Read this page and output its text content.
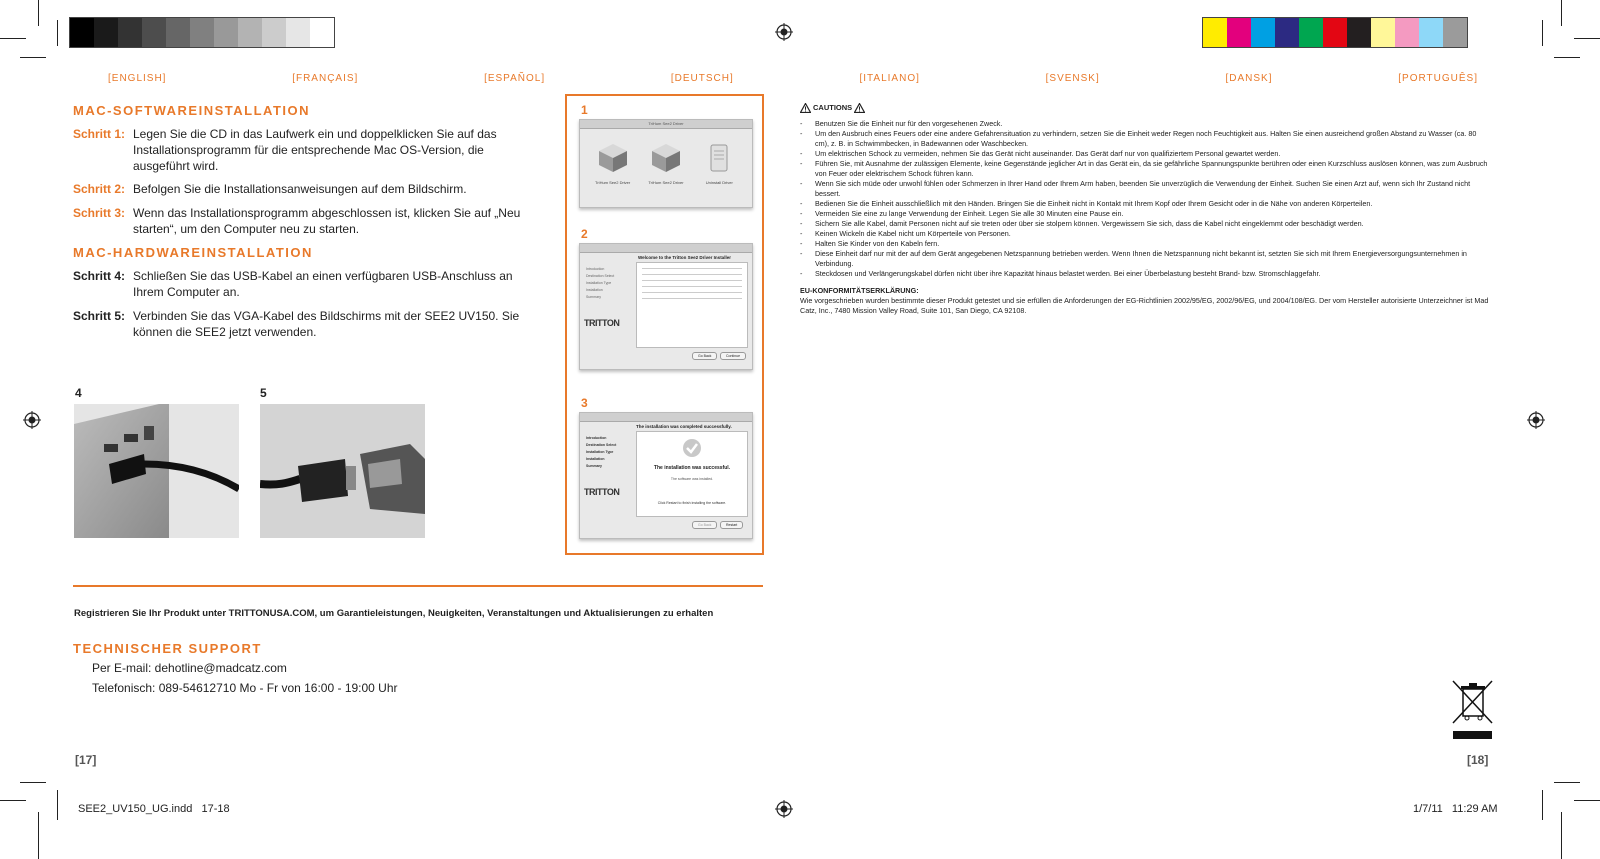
[ENGLISH]	[FRANÇAIS]	[ESPAÑOL]	[DEUTSCH]	[ITALIANO]	[SVENSK]	[DANSK]	[PORTUGUÊS]
MAC-SOFTWAREINSTALLATION
Schritt 1: Legen Sie die CD in das Laufwerk ein und doppelklicken Sie auf das Installationsprogramm für die entsprechende Mac OS-Version, die ausgeführt wird.
Schritt 2: Befolgen Sie die Installationsanweisungen auf dem Bildschirm.
Schritt 3: Wenn das Installationsprogramm abgeschlossen ist, klicken Sie auf „Neu starten“, um den Computer neu zu starten.
MAC-HARDWAREINSTALLATION
Schritt 4: Schließen Sie das USB-Kabel an einen verfügbaren USB-Anschluss an Ihrem Computer an.
Schritt 5: Verbinden Sie das VGA-Kabel des Bildschirms mit der SEE2 UV150. Sie können die SEE2 jetzt verwenden.
4	5
1
2
3
TriHum See2 Driver
TriHum See2 Driver	TriHum See2 Driver	Uninstall Driver
Welcome to the Tritton See2 Driver Installer
Introduction
Destination Select
Installation Type
Installation
Summary
TRITTON
Go Back	Continue
The installation was completed successfully.
Introduction
Destination Select
Installation Type
Installation
Summary	The installation was successful.
The software was installed.
Click Restart to finish installing the software.
TRITTON
Go Back	Restart
Registrieren Sie Ihr Produkt unter TRITTONUSA.COM, um Garantieleistungen, Neuigkeiten, Veranstaltungen und Aktualisierungen zu erhalten
TECHNISCHER SUPPORT
Per E-mail: dehotline@madcatz.com
Telefonisch: 089-54612710 Mo - Fr von 16:00 - 19:00 Uhr
[17]	[18]
CAUTIONS
- Benutzen Sie die Einheit nur für den vorgesehenen Zweck.
- Um den Ausbruch eines Feuers oder eine andere Gefahrensituation zu verhindern, setzen Sie die Einheit weder Regen noch Feuchtigkeit aus. Halten Sie einen ausreichend großen Abstand zu Wasser (ca. 80 cm), z. B. in Schwimmbecken, in Badewannen oder Waschbecken.
- Um elektrischen Schock zu vermeiden, nehmen Sie das Gerät nicht auseinander. Das Gerät darf nur von qualifiziertem Personal gewartet werden.
- Führen Sie, mit Ausnahme der zulässigen Elemente, keine Gegenstände jeglicher Art in das Gerät ein, da sie gefährliche Spannungspunkte berühren oder einen Kurzschluss auslösen können, was zum Ausbruch von Feuer oder elektrischem Schock führen kann.
- Wenn Sie sich müde oder unwohl fühlen oder Schmerzen in Ihrer Hand oder Ihrem Arm haben, beenden Sie unverzüglich die Verwendung der Einheit. Suchen Sie einen Arzt auf, wenn sich Ihr Zustand nicht bessert.
- Bedienen Sie die Einheit ausschließlich mit den Händen. Bringen Sie die Einheit nicht in Kontakt mit Ihrem Kopf oder Ihrem Gesicht oder in die Nähe von anderen Körperteilen.
- Vermeiden Sie eine zu lange Verwendung der Einheit. Legen Sie alle 30 Minuten eine Pause ein.
- Sichern Sie alle Kabel, damit Personen nicht auf sie treten oder über sie stolpern können. Vergewissern Sie sich, dass die Kabel nicht eingeklemmt oder beschädigt werden.
- Keinen Wickeln die Kabel nicht um Körperteile von Personen.
- Halten Sie Kinder von den Kabeln fern.
- Diese Einheit darf nur mit der auf dem Gerät angegebenen Netzspannung betrieben werden. Wenn Ihnen die Netzspannung nicht bekannt ist, setzten Sie sich mit Ihrem Energieversorgungsunternehmen in Verbindung.
- Steckdosen und Verlängerungskabel dürfen nicht über ihre Kapazität hinaus belastet werden. Bei einer Überbelastung besteht Brand- bzw. Stromschlaggefahr.
EU-KONFORMITÄTSERKLÄRUNG:
Wie vorgeschrieben wurden bestimmte dieser Produkt getestet und sie erfüllen die Anforderungen der EG-Richtlinien 2002/95/EG, 2002/96/EG, und 2004/108/EG. Der vom Hersteller autorisierte Unterzeichner ist Mad Catz, Inc., 7480 Mission Valley Road, Suite 101, San Diego, CA 92108.
SEE2_UV150_UG.indd   17-18	1/7/11   11:29 AM
